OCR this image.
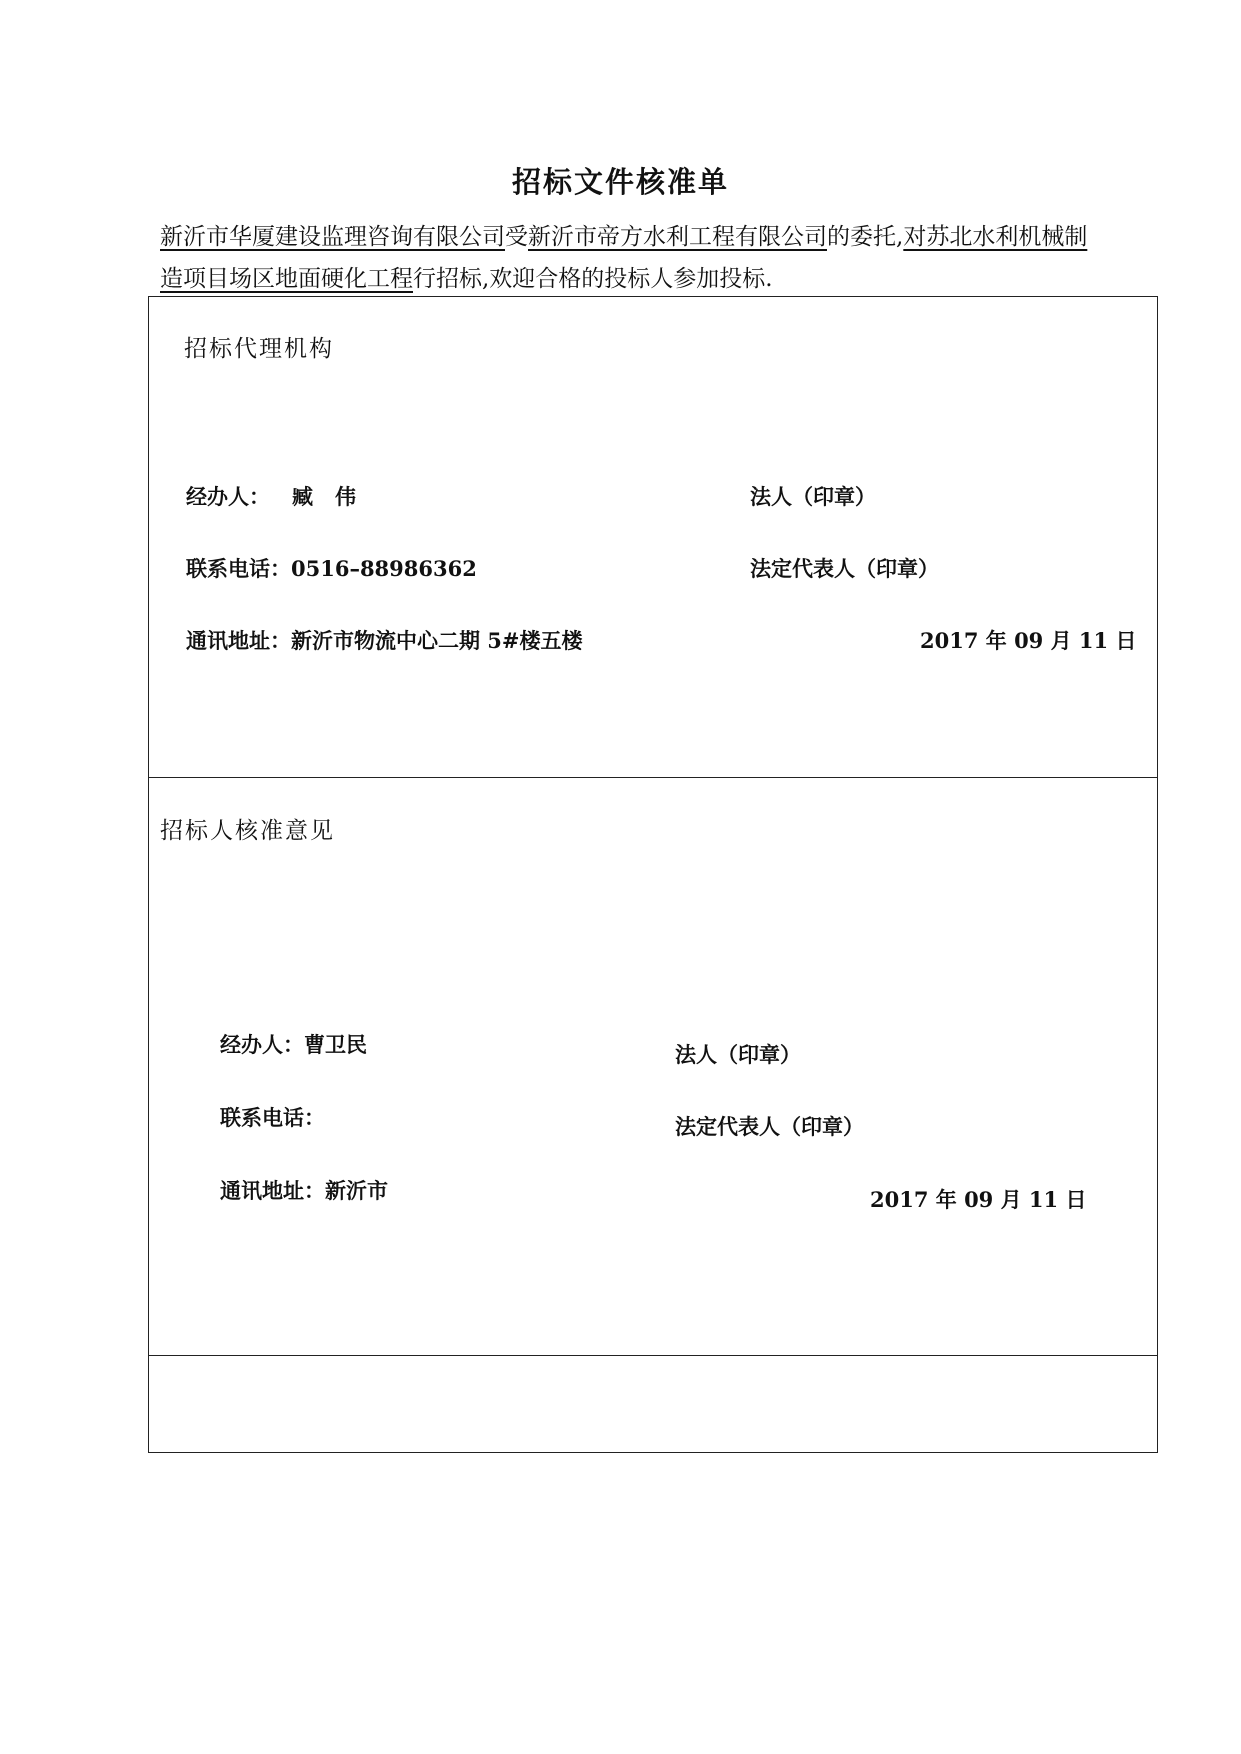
招标文件核准单

新沂市华厦建设监理咨询有限公司受新沂市帝方水利工程有限公司的委托,对苏北水利机械制造项目场区地面硬化工程行招标,欢迎合格的投标人参加投标.

招标代理机构
经办人： 臧 伟	法人（印章）
联系电话：0516–88986362	法定代表人（印章）
通讯地址：新沂市物流中心二期 5#楼五楼	2017 年 09 月 11 日
招标人核准意见
经办人：曹卫民	法人（印章）
联系电话：	法定代表人（印章）
通讯地址：新沂市	2017 年 09 月 11 日
